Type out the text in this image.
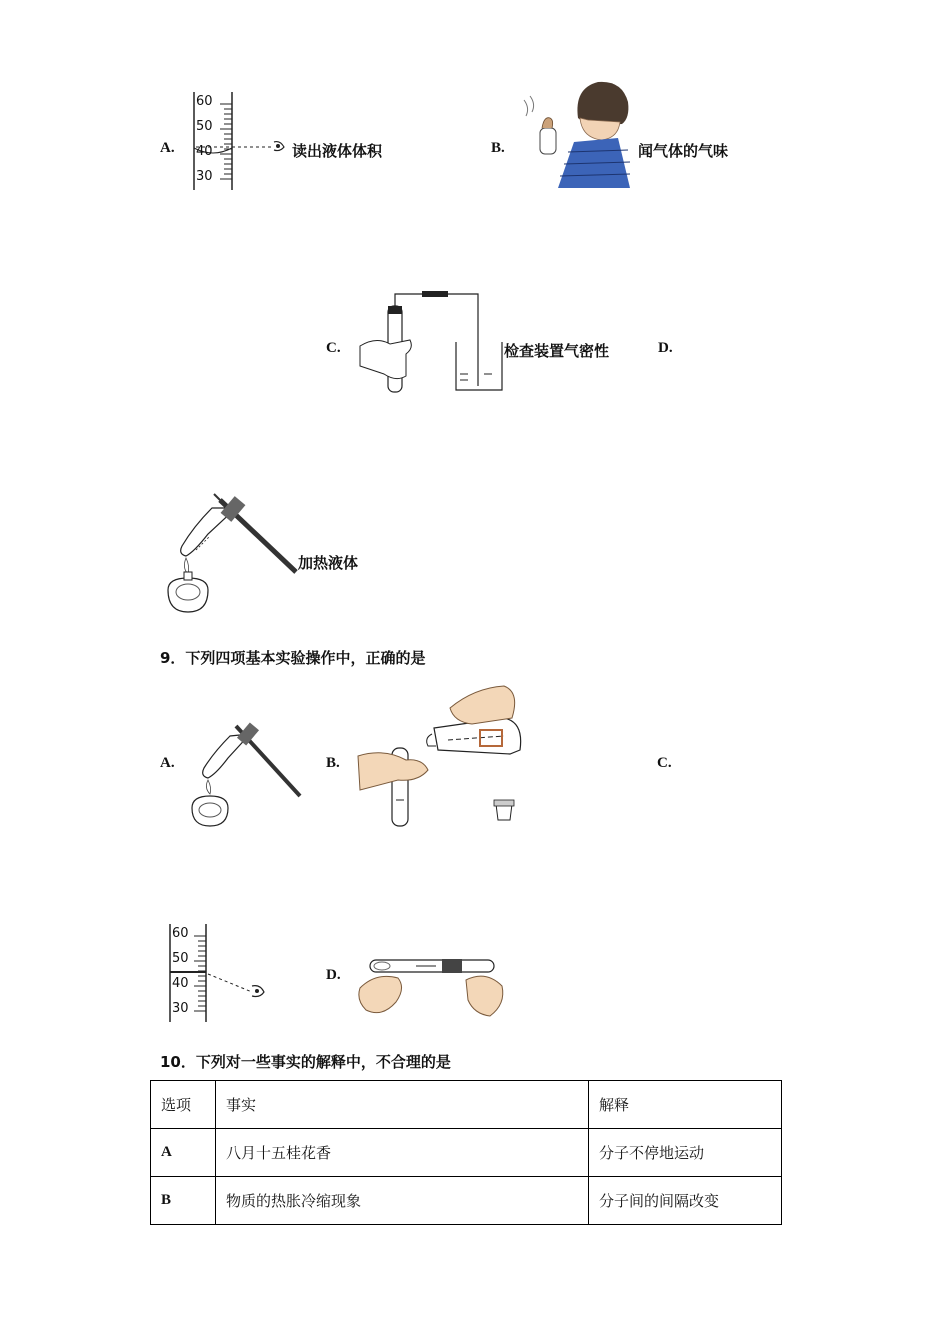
A.
60
50
40
30
读出液体体积	B.	闻气体的气味
C.	检查装置气密性	D.
加热液体
9．下列四项基本实验操作中，正确的是
A.	B.	C.
60
50
40
30
D.
10．下列对一些事实的解释中，不合理的是
选项	事实	解释
A	八月十五桂花香	分子不停地运动
B	物质的热胀冷缩现象	分子间的间隔改变
